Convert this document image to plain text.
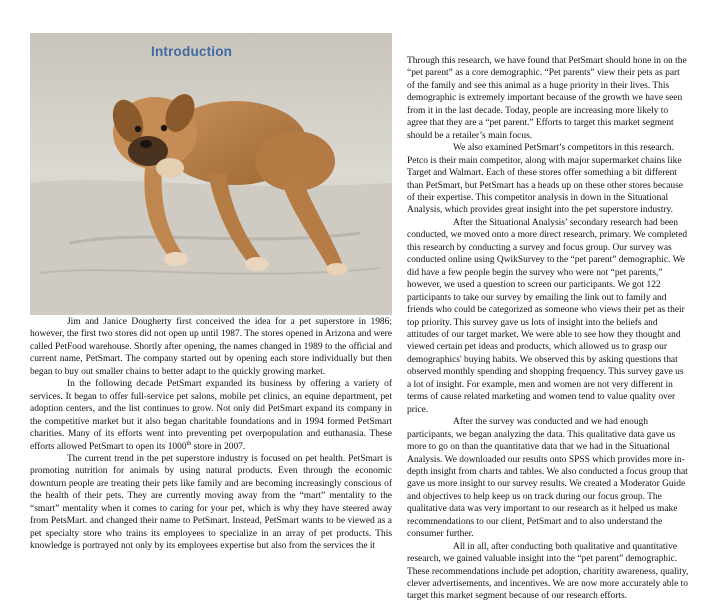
Introduction

Jim and Janice Dougherty first conceived the idea for a pet superstore in 1986; however, the first two stores did not open up until 1987. The stores opened in Arizona and were called PetFood warehouse. Shortly after opening, the names changed in 1989 to the official and current name, PetSmart. The company started out by opening each store individually but then began to buy out smaller chains to better adapt to the quickly growing market.

In the following decade PetSmart expanded its business by offering a variety of services. It began to offer full-service pet salons, mobile pet clinics, an equine department, pet adoption centers, and the list continues to grow. Not only did PetSmart expand its company in the competitive market but it also began charitable foundations and in 1994 formed PetSmart charities. Many of its efforts went into preventing pet overpopulation and euthanasia. These efforts allowed PetSmart to open its 1000th store in 2007.

The current trend in the pet superstore industry is focused on pet health. PetSmart is promoting nutrition for animals by using natural products. Even through the economic downturn people are treating their pets like family and are becoming increasingly conscious of the health of their pets. They are currently moving away from the “mart” mentality to the “smart” mentality when it comes to caring for your pet, which is why they have steered away from PetsMart. and changed their name to PetSmart. Instead, PetSmart wants to be viewed as a pet specialty store who trains its employees to specialize in an array of pet products. This knowledge is portrayed not only by its employees expertise but also from the services the it

Through this research, we have found that PetSmart should hone in on the “pet parent” as a core demographic. “Pet parents” view their pets as part of the family and see this animal as a huge priority in their lives. This demographic is extremely important because of the growth we have seen from it in the last decade. Today, people are increasing more likely to agree that they are a “pet parent.” Efforts to target this market segment should be a retailer’s main focus.

We also examined PetSmart’s competitors in this research. Petco is their main competitor, along with major supermarket chains like Target and Walmart. Each of these stores offer something a bit different than PetSmart, but PetSmart has a heads up on these other stores because of their expertise. This competitor analysis in down in the Situational Analysis, which provides great insight into the pet superstore industry.

After the Situational Analysis’ secondary research had been conducted, we moved onto a more direct research, primary. We completed this research by conducting a survey and focus group. Our survey was conducted online using QwikSurvey to the “pet parent” demographic. We did have a few people begin the survey who were not “pet parents,” however, we used a question to screen our participants. We got 122 participants to take our survey by emailing the link out to family and friends who could be categorized as someone who views their pet as their top priority. This survey gave us lots of insight into the beliefs and attitudes of our target market. We were able to see how they thought and viewed certain pet ideas and products, which allowed us to grasp our demographics' buying habits. We observed this by asking questions that observed monthly spending and shopping frequency. This survey gave us a lot of insight. For example, men and women are not very different in terms of cause related marketing and women tend to value quality over price.

After the survey was conducted and we had enough participants, we began analyzing the data. This qualitative data gave us more to go on than the quantitative data that we had in the Situational Analysis. We downloaded our results onto SPSS which provides more in-depth insight from charts and tables. We also conducted a focus group that gave us more insight to our survey results. We created a Moderator Guide and objectives to help keep us on track during our focus group. The qualitative data was very important to our research as it helped us make recommendations to our client, PetSmart and to also understand the consumer further.

All in all, after conducting both qualitative and quantitative research, we gained valuable insight into the “pet parent” demographic. These recommendations include pet adoption, charitity awareness, quality, clever advertisements, and incentives. We are now more accurately able to target this market segment because of our research efforts.
